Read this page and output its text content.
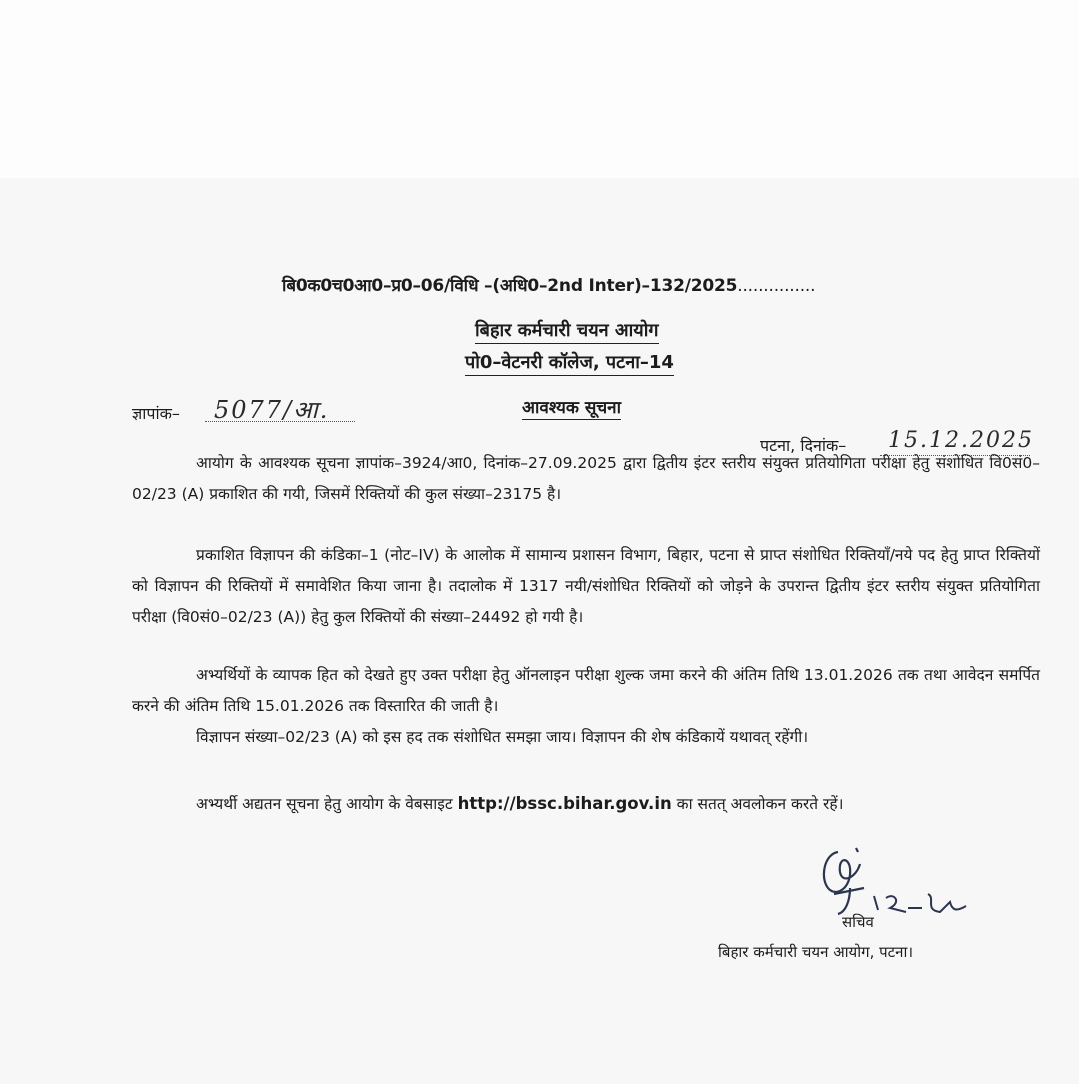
बि0क0च0आ0–प्र0–06/विधि –(अधि0–2nd Inter)–132/2025...............
बिहार कर्मचारी चयन आयोग
पो0–वेटनरी कॉलेज, पटना–14
ज्ञापांक– 5077/आ.	आवश्यक सूचना
पटना, दिनांक– 15.12.2025
आयोग के आवश्यक सूचना ज्ञापांक–3924/आ0, दिनांक–27.09.2025 द्वारा द्वितीय इंटर स्तरीय संयुक्त प्रतियोगिता परीक्षा हेतु संशोधित वि0सं0–02/23 (A) प्रकाशित की गयी, जिसमें रिक्तियों की कुल संख्या–23175 है।
प्रकाशित विज्ञापन की कंडिका–1 (नोट–IV) के आलोक में सामान्य प्रशासन विभाग, बिहार, पटना से प्राप्त संशोधित रिक्तियाँ/नये पद हेतु प्राप्त रिक्तियों को विज्ञापन की रिक्तियों में समावेशित किया जाना है। तदालोक में 1317 नयी/संशोधित रिक्तियों को जोड़ने के उपरान्त द्वितीय इंटर स्तरीय संयुक्त प्रतियोगिता परीक्षा (वि0सं0–02/23 (A)) हेतु कुल रिक्तियों की संख्या–24492 हो गयी है।
अभ्यर्थियों के व्यापक हित को देखते हुए उक्त परीक्षा हेतु ऑनलाइन परीक्षा शुल्क जमा करने की अंतिम तिथि 13.01.2026 तक तथा आवेदन समर्पित करने की अंतिम तिथि 15.01.2026 तक विस्तारित की जाती है।
विज्ञापन संख्या–02/23 (A) को इस हद तक संशोधित समझा जाय। विज्ञापन की शेष कंडिकायें यथावत् रहेंगी।
अभ्यर्थी अद्यतन सूचना हेतु आयोग के वेबसाइट http://bssc.bihar.gov.in का सतत् अवलोकन करते रहें।
सचिव
बिहार कर्मचारी चयन आयोग, पटना।
